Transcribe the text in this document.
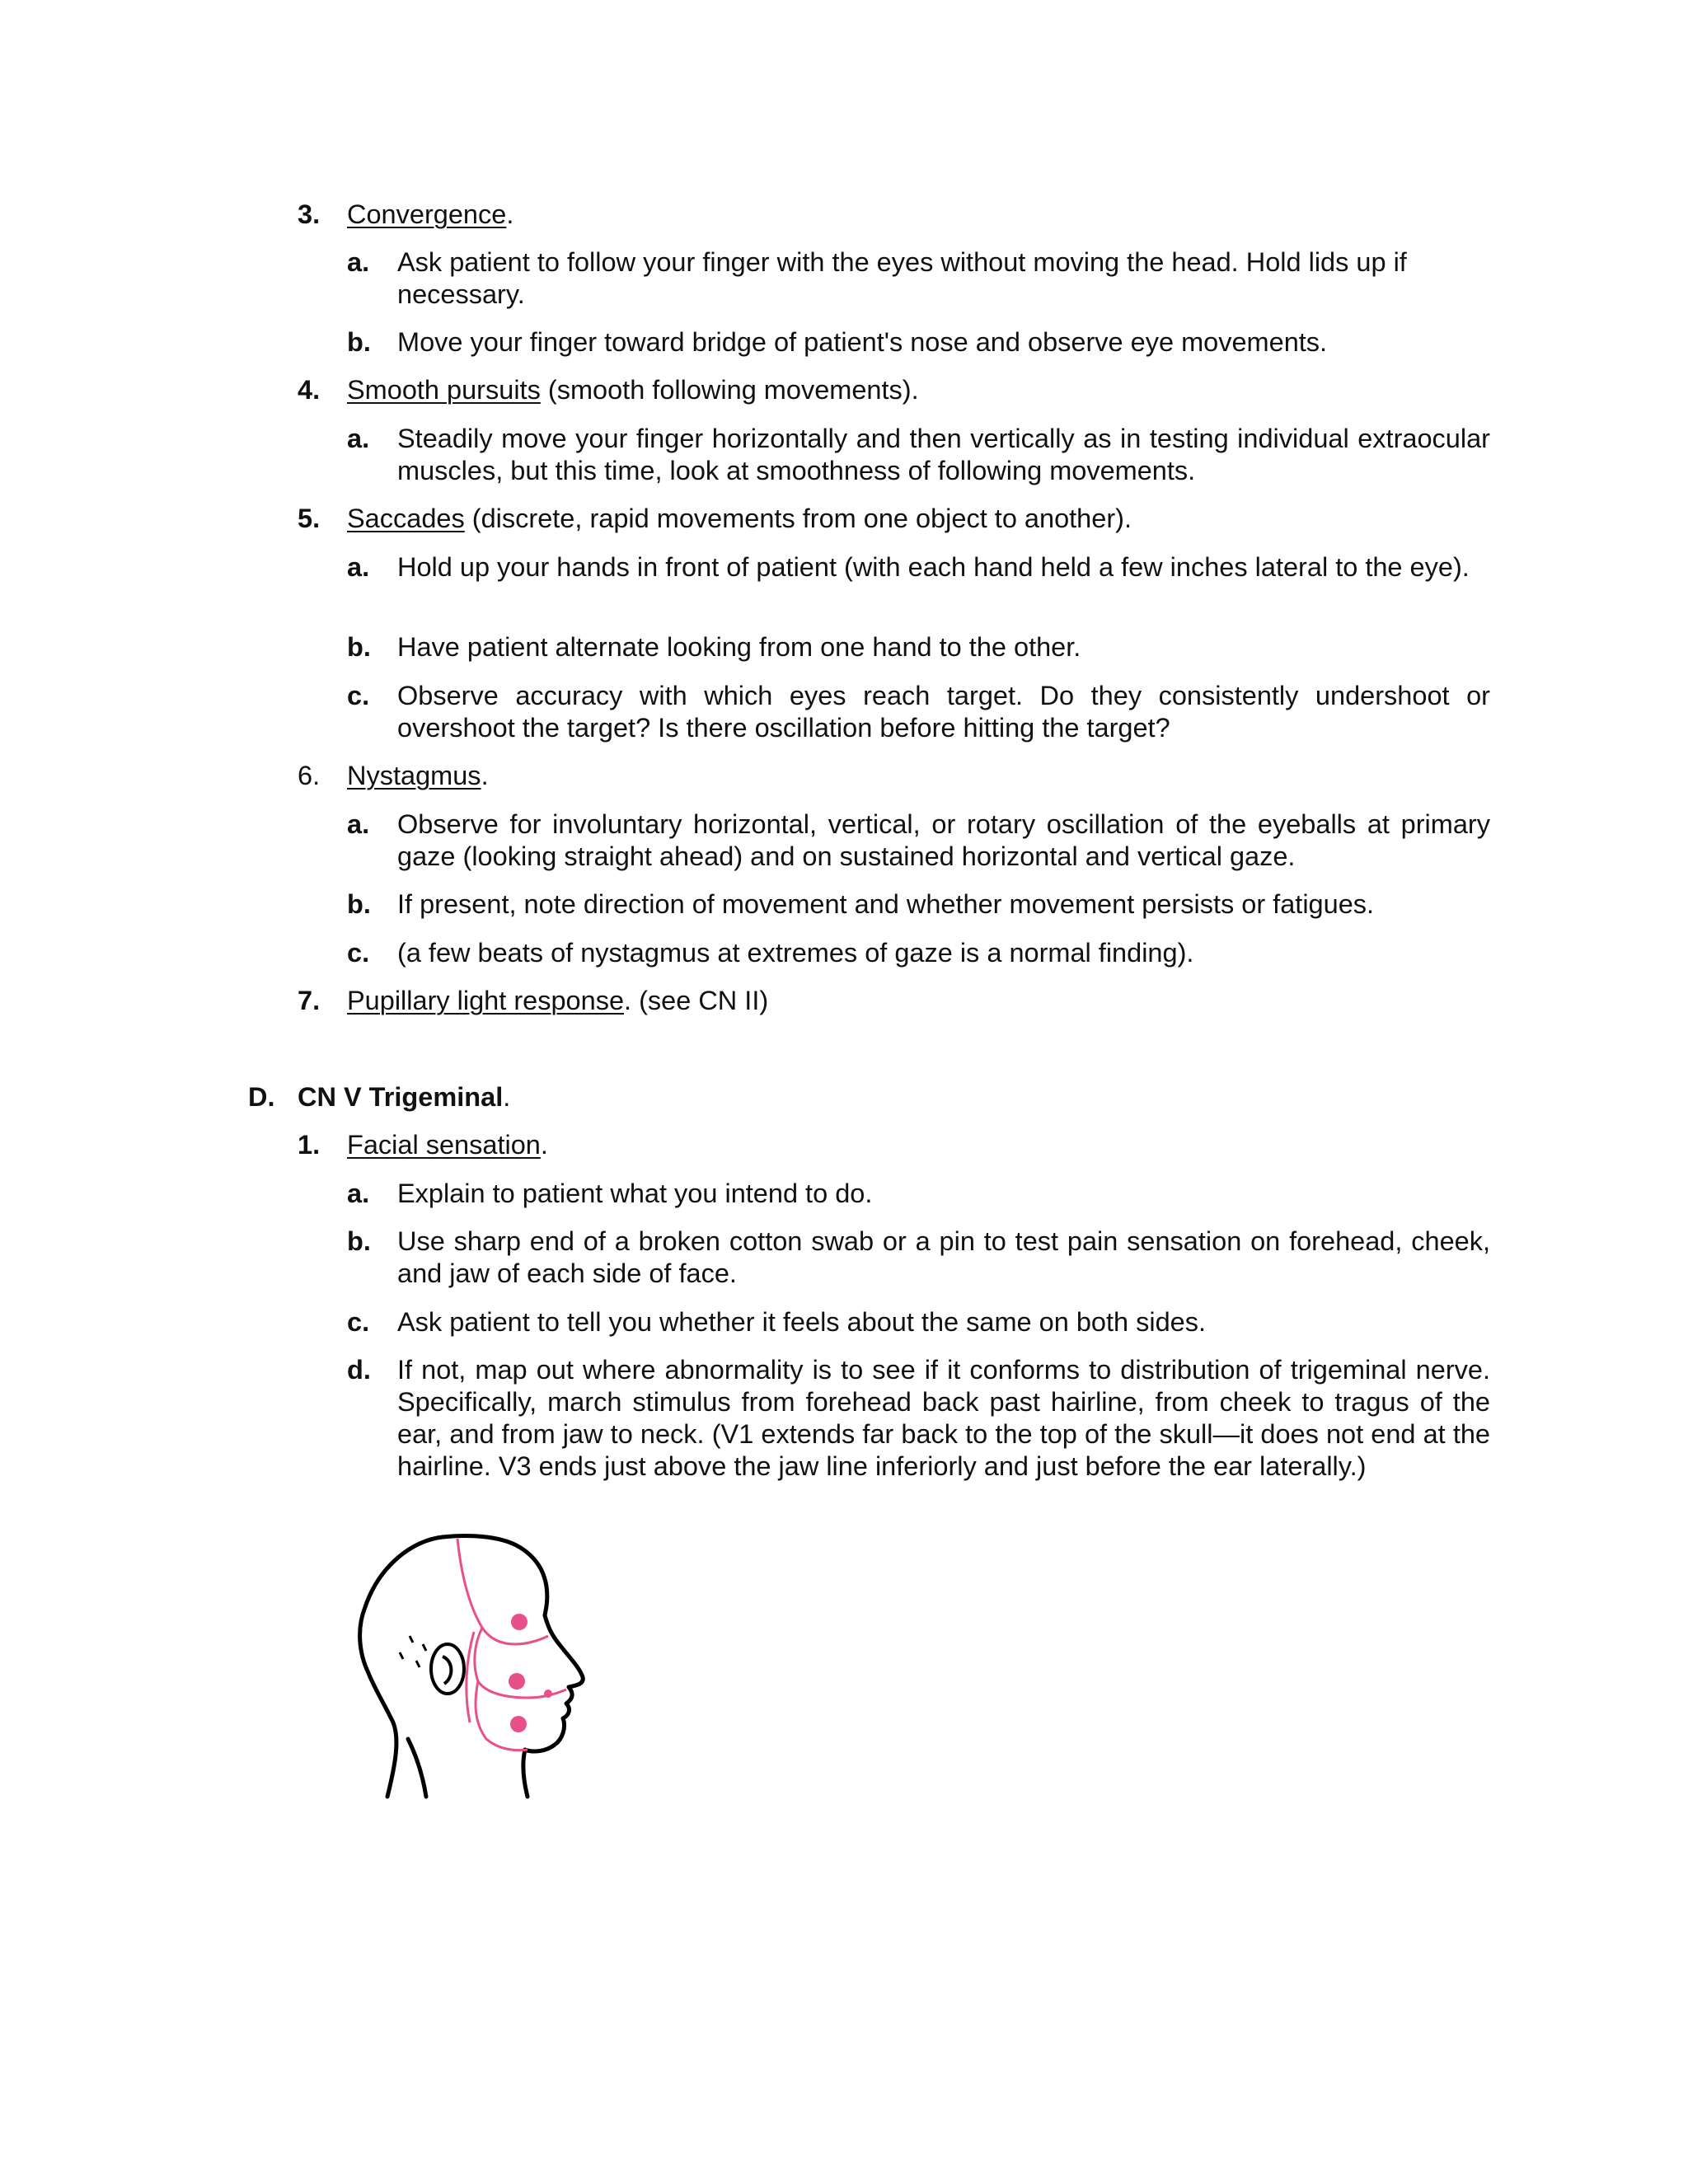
3. Convergence.
a. Ask patient to follow your finger with the eyes without moving the head. Hold lids up if necessary.
b. Move your finger toward bridge of patient's nose and observe eye movements.
4. Smooth pursuits (smooth following movements).
a. Steadily move your finger horizontally and then vertically as in testing individual extraocular muscles, but this time, look at smoothness of following movements.
5. Saccades (discrete, rapid movements from one object to another).
a. Hold up your hands in front of patient (with each hand held a few inches lateral to the eye).
b. Have patient alternate looking from one hand to the other.
c. Observe accuracy with which eyes reach target. Do they consistently undershoot or overshoot the target? Is there oscillation before hitting the target?
6. Nystagmus.
a. Observe for involuntary horizontal, vertical, or rotary oscillation of the eyeballs at primary gaze (looking straight ahead) and on sustained horizontal and vertical gaze.
b. If present, note direction of movement and whether movement persists or fatigues.
c. (a few beats of nystagmus at extremes of gaze is a normal finding).
7. Pupillary light response. (see CN II)
D. CN V Trigeminal.
1. Facial sensation.
a. Explain to patient what you intend to do.
b. Use sharp end of a broken cotton swab or a pin to test pain sensation on forehead, cheek, and jaw of each side of face.
c. Ask patient to tell you whether it feels about the same on both sides.
d. If not, map out where abnormality is to see if it conforms to distribution of trigeminal nerve. Specifically, march stimulus from forehead back past hairline, from cheek to tragus of the ear, and from jaw to neck. (V1 extends far back to the top of the skull—it does not end at the hairline. V3 ends just above the jaw line inferiorly and just before the ear laterally.)
